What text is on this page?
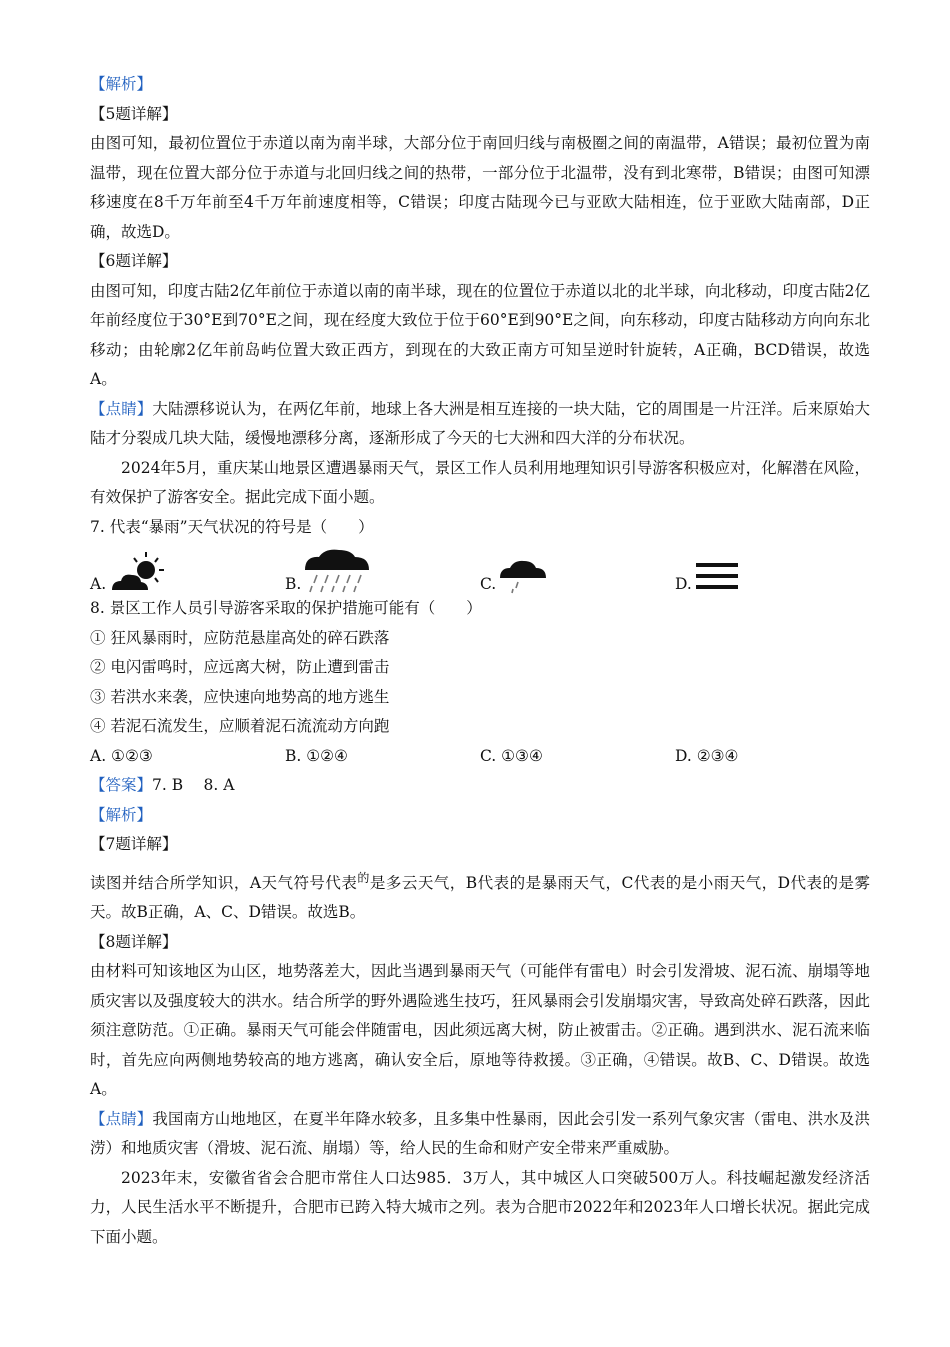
【解析】
【5题详解】
由图可知，最初位置位于赤道以南为南半球，大部分位于南回归线与南极圈之间的南温带，A错误；最初位置为南温带，现在位置大部分位于赤道与北回归线之间的热带，一部分位于北温带，没有到北寒带，B错误；由图可知漂移速度在8千万年前至4千万年前速度相等，C错误；印度古陆现今已与亚欧大陆相连，位于亚欧大陆南部，D正确，故选D。
【6题详解】
由图可知，印度古陆2亿年前位于赤道以南的南半球，现在的位置位于赤道以北的北半球，向北移动，印度古陆2亿年前经度位于30°E到70°E之间，现在经度大致位于位于60°E到90°E之间，向东移动，印度古陆移动方向向东北移动；由轮廓2亿年前岛屿位置大致正西方，到现在的大致正南方可知呈逆时针旋转，A正确，BCD错误，故选A。
【点睛】大陆漂移说认为，在两亿年前，地球上各大洲是相互连接的一块大陆，它的周围是一片汪洋。后来原始大陆才分裂成几块大陆，缓慢地漂移分离，逐渐形成了今天的七大洲和四大洋的分布状况。
2024年5月，重庆某山地景区遭遇暴雨天气，景区工作人员利用地理知识引导游客积极应对，化解潜在风险，有效保护了游客安全。据此完成下面小题。
7. 代表“暴雨”天气状况的符号是（　　）
A.	B.	C.	D.
8. 景区工作人员引导游客采取的保护措施可能有（　　）
① 狂风暴雨时，应防范悬崖高处的碎石跌落
② 电闪雷鸣时，应远离大树，防止遭到雷击
③ 若洪水来袭，应快速向地势高的地方逃生
④ 若泥石流发生，应顺着泥石流流动方向跑
A. ①②③	B. ①②④	C. ①③④	D. ②③④
【答案】7. B　 8. A
【解析】
【7题详解】
读图并结合所学知识，A天气符号代表$^的$是多云天气，B代表的是暴雨天气，C代表的是小雨天气，D代表的是雾天。故B正确，A、C、D错误。故选B。
【8题详解】
由材料可知该地区为山区，地势落差大，因此当遇到暴雨天气（可能伴有雷电）时会引发滑坡、泥石流、崩塌等地质灾害以及强度较大的洪水。结合所学的野外遇险逃生技巧，狂风暴雨会引发崩塌灾害，导致高处碎石跌落，因此须注意防范。①正确。暴雨天气可能会伴随雷电，因此须远离大树，防止被雷击。②正确。遇到洪水、泥石流来临时，首先应向两侧地势较高的地方逃离，确认安全后，原地等待救援。③正确，④错误。故B、C、D错误。故选A。
【点睛】我国南方山地地区，在夏半年降水较多，且多集中性暴雨，因此会引发一系列气象灾害（雷电、洪水及洪涝）和地质灾害（滑坡、泥石流、崩塌）等，给人民的生命和财产安全带来严重威胁。
2023年末，安徽省省会合肥市常住人口达985．3万人，其中城区人口突破500万人。科技崛起激发经济活力，人民生活水平不断提升，合肥市已跨入特大城市之列。表为合肥市2022年和2023年人口增长状况。据此完成下面小题。
